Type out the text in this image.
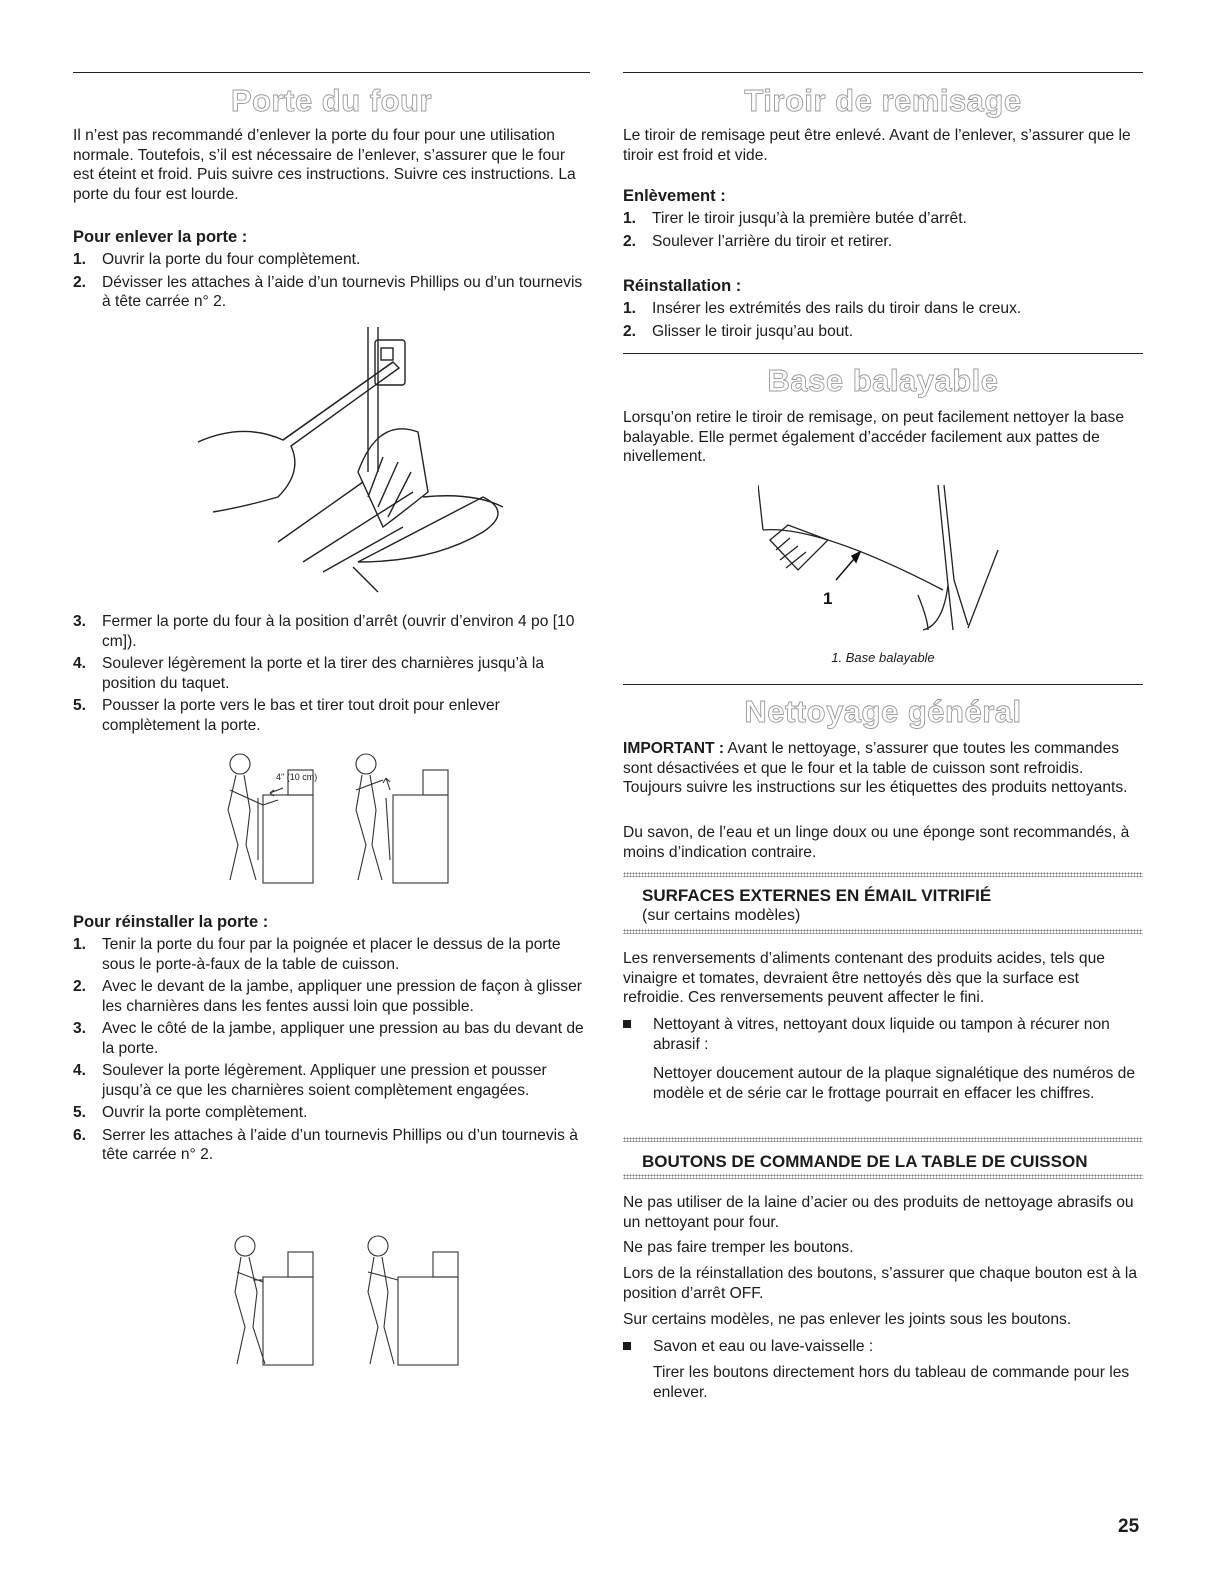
Porte du four

Il n’est pas recommandé d’enlever la porte du four pour une utilisation normale. Toutefois, s’il est nécessaire de l’enlever, s’assurer que le four est éteint et froid. Puis suivre ces instructions. Suivre ces instructions. La porte du four est lourde.

Pour enlever la porte :

1. Ouvrir la porte du four complètement.
2. Dévisser les attaches à l’aide d’un tournevis Phillips ou d’un tournevis à tête carrée n° 2.
3. Fermer la porte du four à la position d’arrêt (ouvrir d’environ 4 po [10 cm]).
4. Soulever légèrement la porte et la tirer des charnières jusqu’à la position du taquet.
5. Pousser la porte vers le bas et tirer tout droit pour enlever complètement la porte.
4" (10 cm)

Pour réinstaller la porte :

1. Tenir la porte du four par la poignée et placer le dessus de la porte sous le porte-à-faux de la table de cuisson.
2. Avec le devant de la jambe, appliquer une pression de façon à glisser les charnières dans les fentes aussi loin que possible.
3. Avec le côté de la jambe, appliquer une pression au bas du devant de la porte.
4. Soulever la porte légèrement. Appliquer une pression et pousser jusqu’à ce que les charnières soient complètement engagées.
5. Ouvrir la porte complètement.
6. Serrer les attaches à l’aide d’un tournevis Phillips ou d’un tournevis à tête carrée n° 2.
Tiroir de remisage

Le tiroir de remisage peut être enlevé. Avant de l’enlever, s’assurer que le tiroir est froid et vide.

Enlèvement :

1. Tirer le tiroir jusqu’à la première butée d’arrêt.
2. Soulever l’arrière du tiroir et retirer.

Réinstallation :

1. Insérer les extrémités des rails du tiroir dans le creux.
2. Glisser le tiroir jusqu’au bout.
Base balayable

Lorsqu’on retire le tiroir de remisage, on peut facilement nettoyer la base balayable. Elle permet également d’accéder facilement aux pattes de nivellement.

1

1. Base balayable

Nettoyage général

IMPORTANT : Avant le nettoyage, s’assurer que toutes les commandes sont désactivées et que le four et la table de cuisson sont refroidis. Toujours suivre les instructions sur les étiquettes des produits nettoyants.

Du savon, de l’eau et un linge doux ou une éponge sont recommandés, à moins d’indication contraire.

SURFACES EXTERNES EN ÉMAIL VITRIFIÉ

(sur certains modèles)

Les renversements d’aliments contenant des produits acides, tels que vinaigre et tomates, devraient être nettoyés dès que la surface est refroidie. Ces renversements peuvent affecter le fini.

Nettoyant à vitres, nettoyant doux liquide ou tampon à récurer non abrasif :

Nettoyer doucement autour de la plaque signalétique des numéros de modèle et de série car le frottage pourrait en effacer les chiffres.

BOUTONS DE COMMANDE DE LA TABLE DE CUISSON

Ne pas utiliser de la laine d’acier ou des produits de nettoyage abrasifs ou un nettoyant pour four.

Ne pas faire tremper les boutons.

Lors de la réinstallation des boutons, s’assurer que chaque bouton est à la position d’arrêt OFF.

Sur certains modèles, ne pas enlever les joints sous les boutons.

Savon et eau ou lave-vaisselle :

Tirer les boutons directement hors du tableau de commande pour les enlever.

25
